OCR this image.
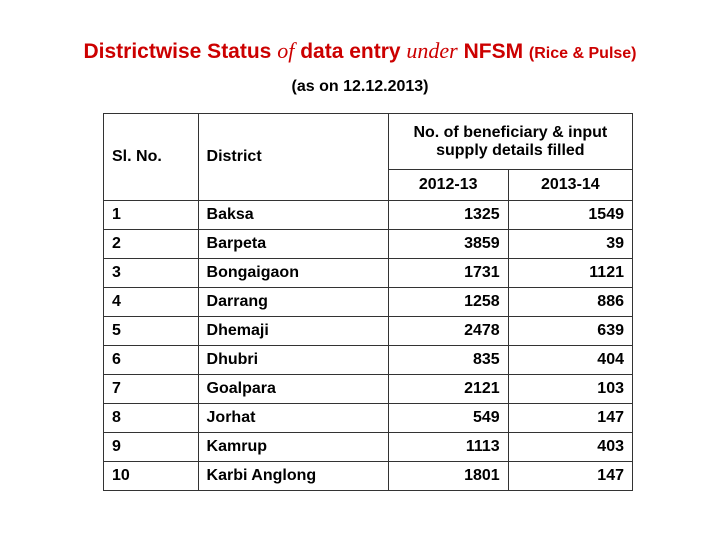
Districtwise Status of data entry under NFSM (Rice & Pulse)
(as on 12.12.2013)
Sl. No.	District	No. of beneficiary & input supply details filled	
		2012-13	2013-14
1	Baksa	1325	1549
2	Barpeta	3859	39
3	Bongaigaon	1731	1121
4	Darrang	1258	886
5	Dhemaji	2478	639
6	Dhubri	835	404
7	Goalpara	2121	103
8	Jorhat	549	147
9	Kamrup	1113	403
10	Karbi Anglong	1801	147
